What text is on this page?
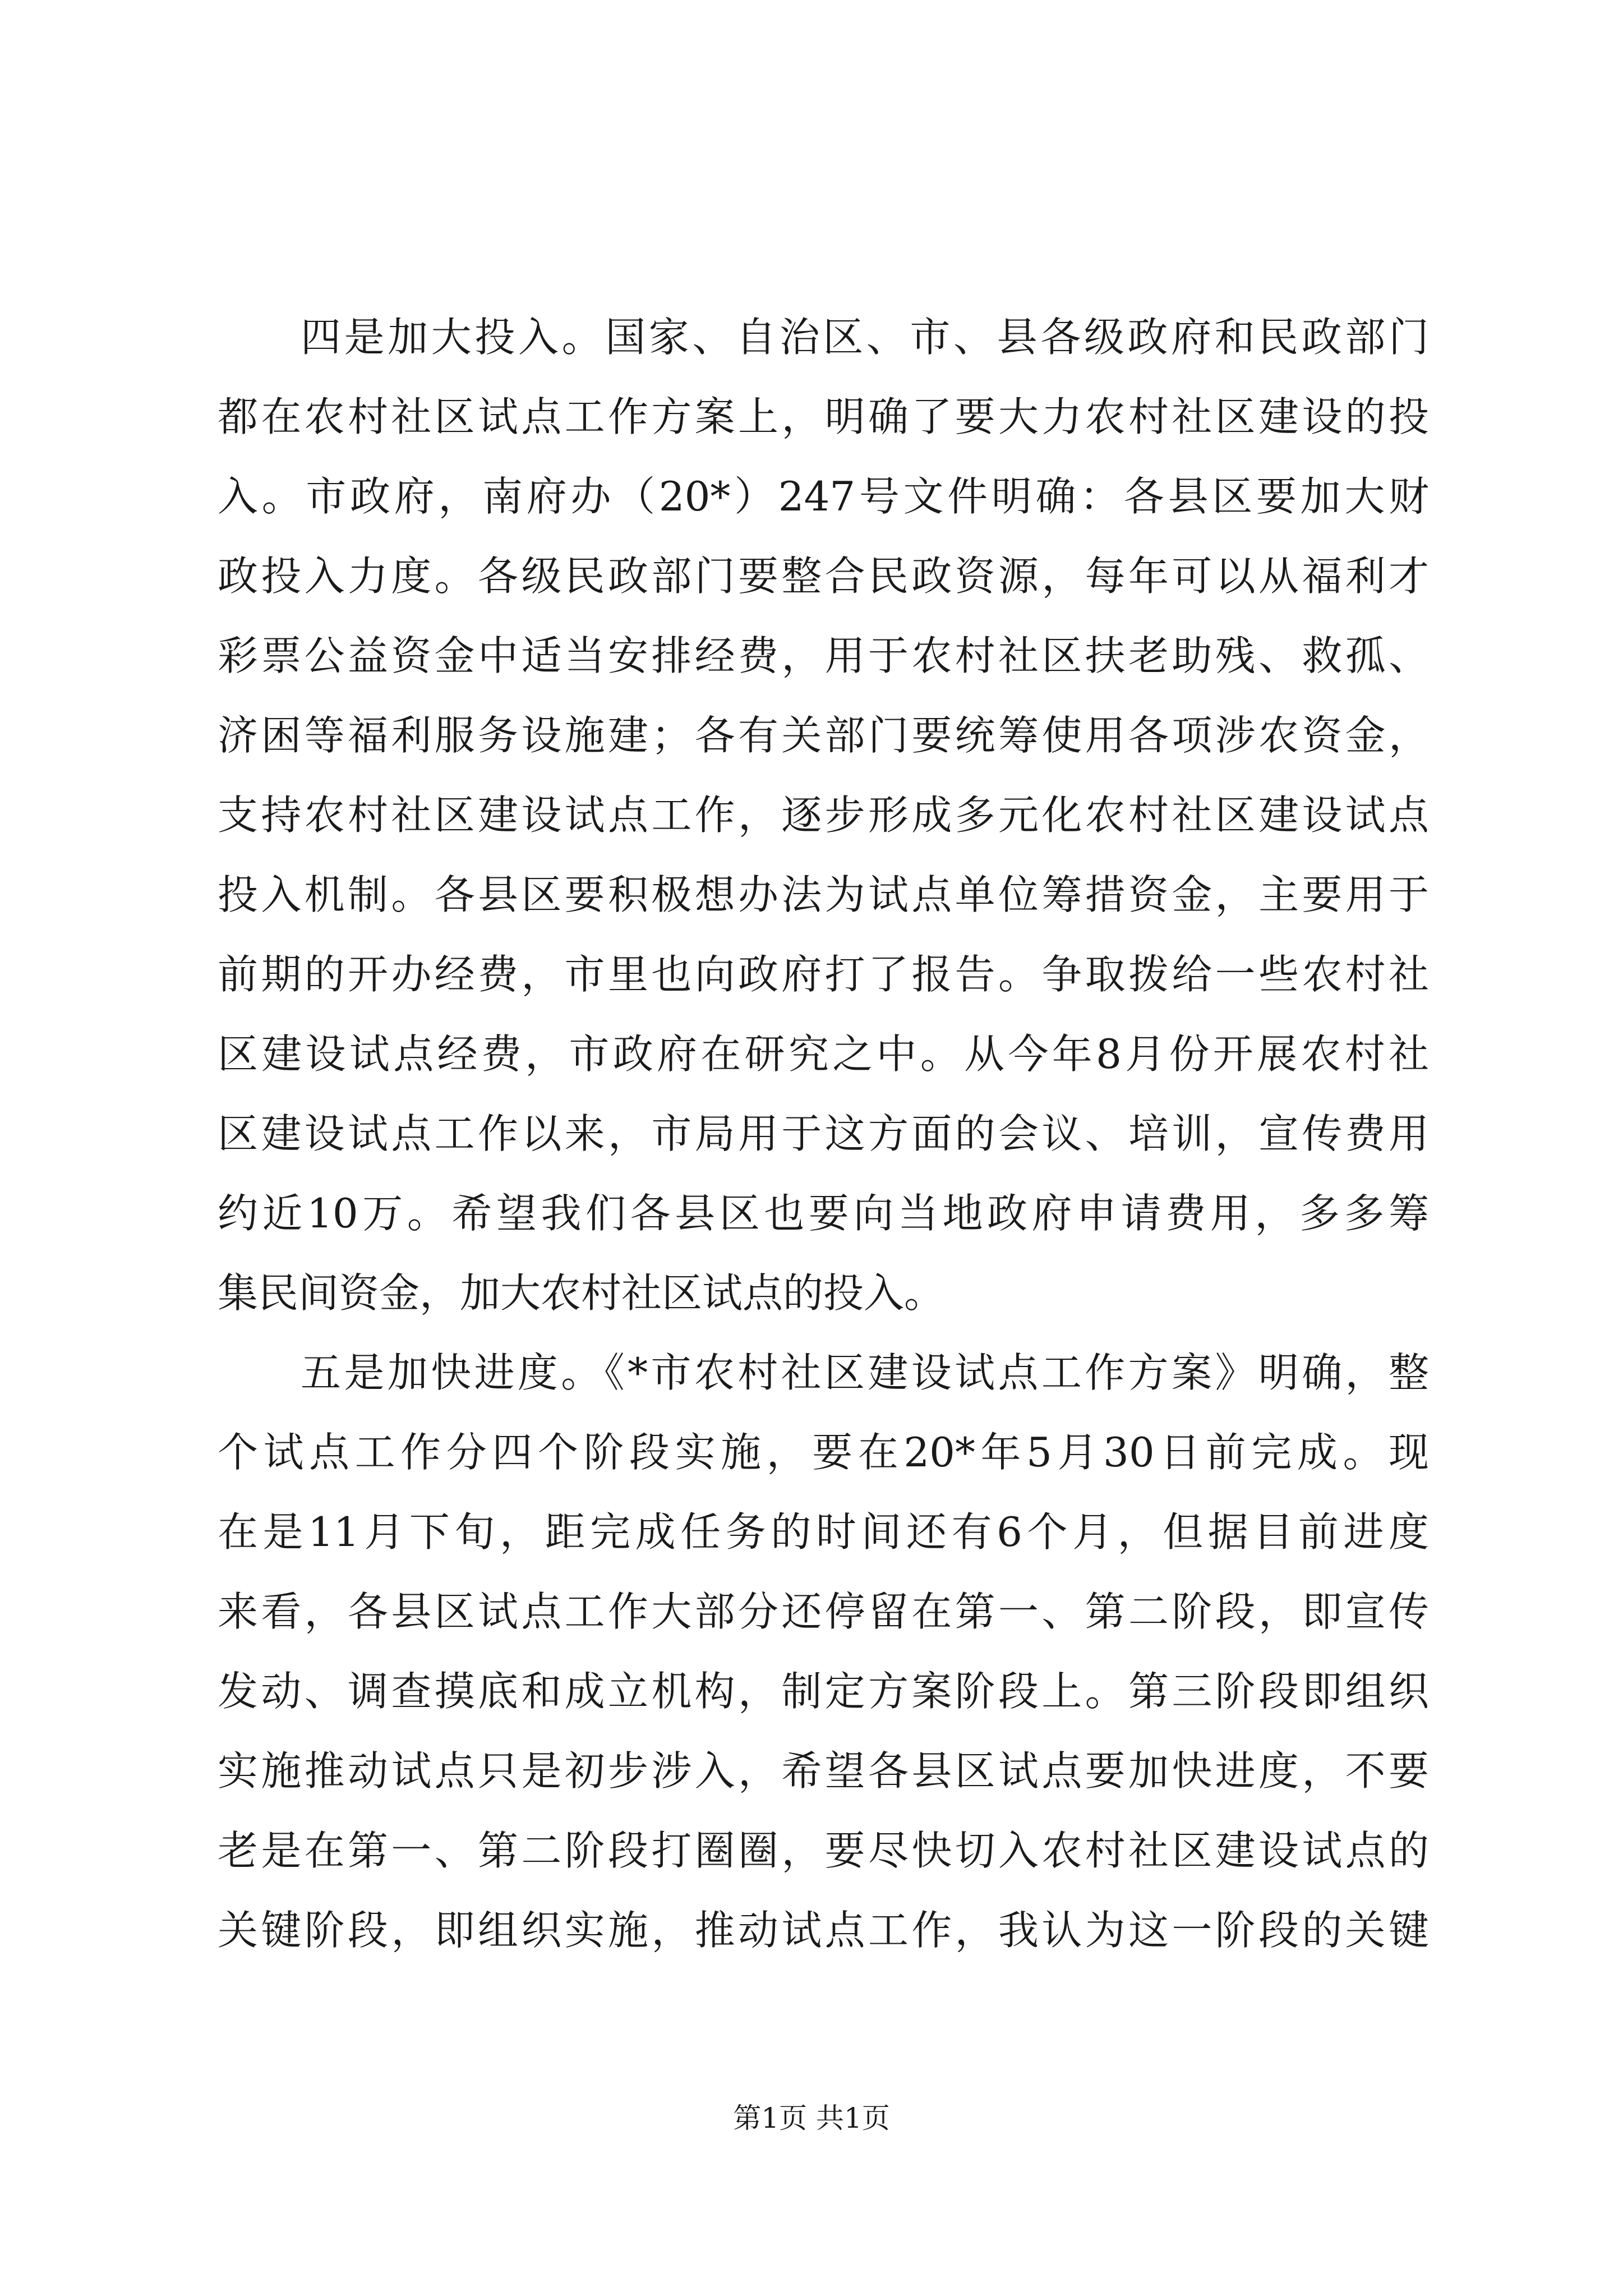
四是加大投入。国家、自治区、市、县各级政府和民政部门
都在农村社区试点工作方案上，明确了要大力农村社区建设的投
入。市政府，南府办（20*）247号文件明确：各县区要加大财
政投入力度。各级民政部门要整合民政资源，每年可以从福利才
彩票公益资金中适当安排经费，用于农村社区扶老助残、救孤、
济困等福利服务设施建；各有关部门要统筹使用各项涉农资金，
支持农村社区建设试点工作，逐步形成多元化农村社区建设试点
投入机制。各县区要积极想办法为试点单位筹措资金，主要用于
前期的开办经费，市里也向政府打了报告。争取拨给一些农村社
区建设试点经费，市政府在研究之中。从今年8月份开展农村社
区建设试点工作以来，市局用于这方面的会议、培训，宣传费用
约近10万。希望我们各县区也要向当地政府申请费用，多多筹
集民间资金，加大农村社区试点的投入。
五是加快进度。《*市农村社区建设试点工作方案》明确，整
个试点工作分四个阶段实施，要在20*年5月30日前完成。现
在是11月下旬，距完成任务的时间还有6个月，但据目前进度
来看，各县区试点工作大部分还停留在第一、第二阶段，即宣传
发动、调查摸底和成立机构，制定方案阶段上。第三阶段即组织
实施推动试点只是初步涉入，希望各县区试点要加快进度，不要
老是在第一、第二阶段打圈圈，要尽快切入农村社区建设试点的
关键阶段，即组织实施，推动试点工作，我认为这一阶段的关键
第1页 共1页
